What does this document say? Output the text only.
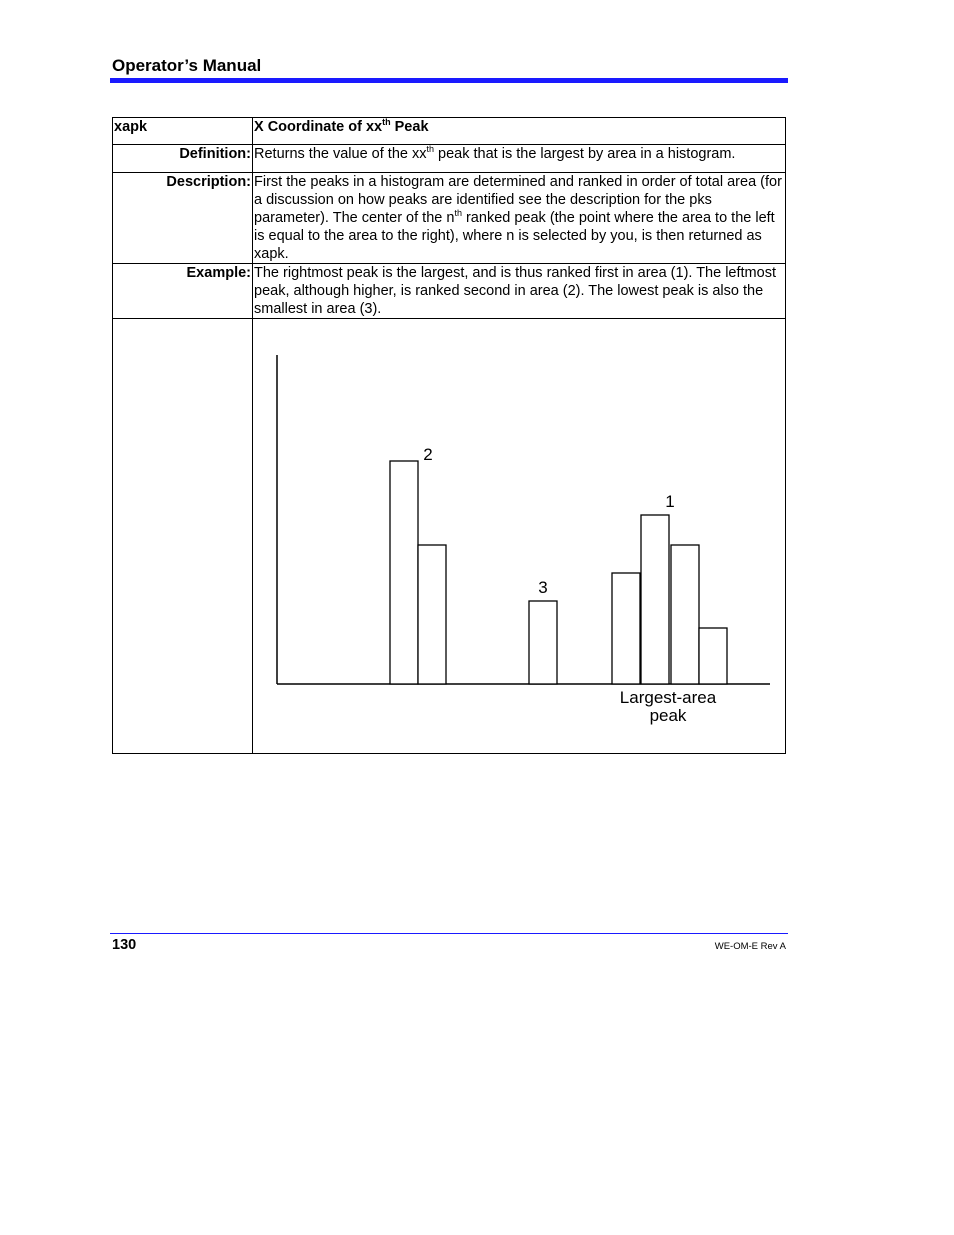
Operator’s Manual
xapk	X Coordinate of $xx^{th}$ Peak
Definition:	Returns the value of the $xx^{th}$ peak that is the largest by area in a histogram.
Description:	First the peaks in a histogram are determined and ranked in order of total area (for a discussion on how peaks are identified see the description for the pks parameter). The center of the $n^{th}$ ranked peak (the point where the area to the left is equal to the area to the right), where n is selected by you, is then returned as xapk.
Example:	The rightmost peak is the largest, and is thus ranked first in area (1). The leftmost peak, although higher, is ranked second in area (2). The lowest peak is also the smallest in area (3).

2
3
1
Largest-area
peak
130	WE-OM-E Rev A
